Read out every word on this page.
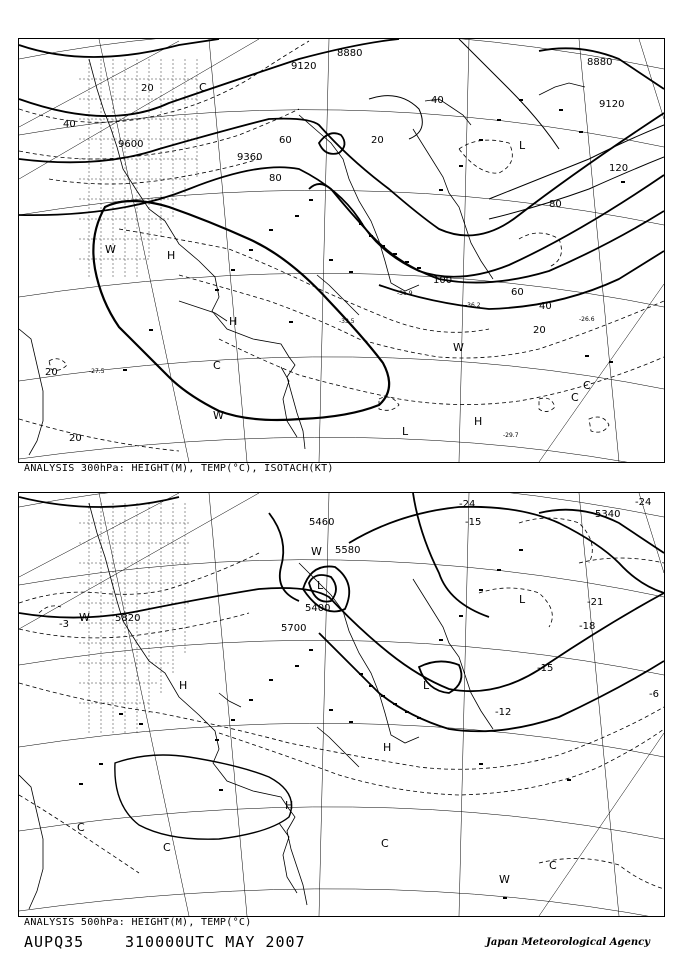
9600
9360
8880
9120	8880
9120
20
40
60
80
100
120
20
40
60
80
20
20
20
40
-29.7
-27.5
-33.5
-36.2
-26.6
-36.9
H
H
H
W
W
L
L
C
C
C
W
C
ANALYSIS 300hPa: HEIGHT(M), TEMP(°C), ISOTACH(KT)
5580
5700
5820
5400
5460
5340
-24
-21
-18
-15
-12
-6
-3
-24
-15
W
W
H
C
C	C
L
L
C
W
H
H
L
ANALYSIS 500hPa: HEIGHT(M), TEMP(°C)
AUPQ35	310000UTC MAY 2007	Japan Meteorological Agency
